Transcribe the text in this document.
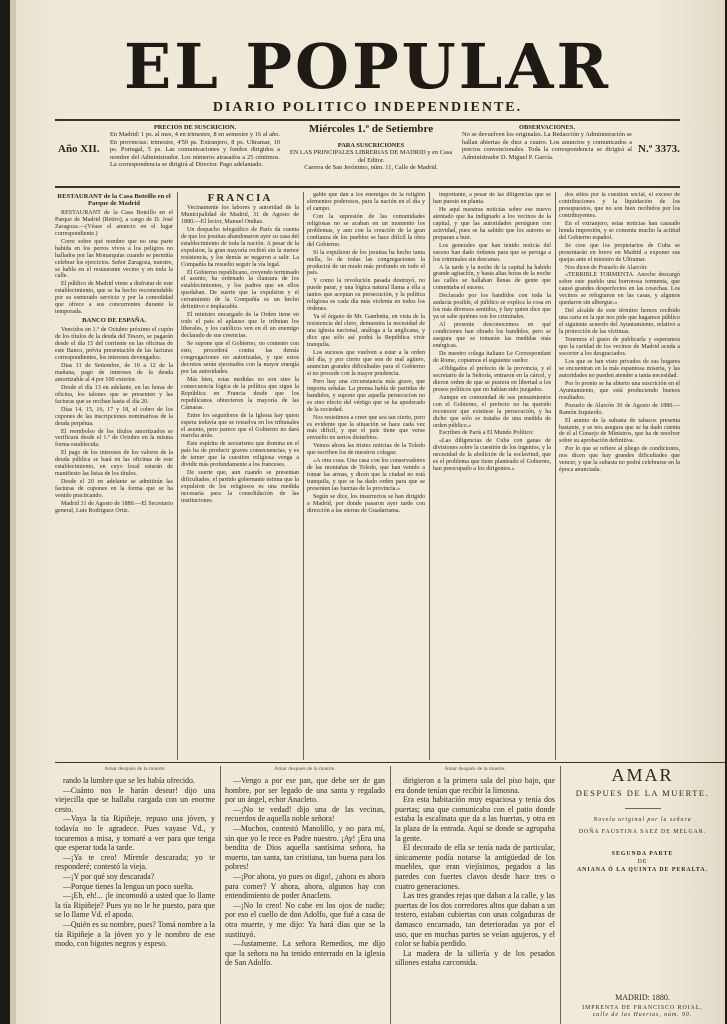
EL POPULAR
DIARIO POLITICO INDEPENDIENTE.
Año XII.
PRECIOS DE SUSCRICION.
En Madrid: 1 ps. al mes, 4 en trimestre, 8 en semestre y 16 al año. En provincias: trimestre, 4'50 ps. Extranjero, 8 ps. Ultramar, 10 ps. Portugal, 5 ps. Las comunicaciones y fondos dirigidos a nombre del Administrador. Los números atrasados a 25 céntimos. La correspondencia se dirigirá al Director. Pago adelantado.
Miércoles 1.º de Setiembre
PARA SUSCRICIONES
EN LAS PRINCIPALES LIBRERIAS DE MADRID y en Casa del Editor.
Carrera de San Jerónimo, núm. 11, Calle de Madrid.
OBSERVACIONES.
No se devuelven los originales. La Redacción y Administración se hallan abiertas de diez a cuatro. Los anuncios y comunicados a precios convencionales. Toda la correspondencia se dirigirá al Administrador D. Miguel P. García.
N.º 3373.

RESTAURANT de la Casa Boteillo en el Parque de Madrid

RESTAURANT de la Casa Boteillo en el Parque de Madrid (Retiro), a cargo de D. José Zaragoza.—(Véase el anuncio en el lugar correspondiente.)

Corre sobre qué nombre que no una parte habida en los perros vivos a los peligros no hallados por las Monarquías cuando se permitía celebrar los ejercicios. Señor Zaragoza, nuestro, se habla en el restaurante vecino y en toda la calle.

El público de Madrid viene a disfrutar de este establecimiento, que se ha hecho recomendable por su esmerado servicio y por la comodidad que ofrece a sus concurrentes durante la temporada.

BANCO DE ESPAÑA.

Vencidos en 1.º de Octubre próximo el cupón de los títulos de la deuda del Tesoro, se pagarán desde el día 15 del corriente en las oficinas de este Banco, prévia presentación de las facturas correspondientes, los intereses devengados.

Dias 11 de Setiembre, de 10 a 12 de la mañana, pago de intereses de la deuda amortizable al 4 por 100 exterior.

Desde el día 13 en adelante, en las horas de oficina, los talones que se presenten y las facturas que se reciban hasta el día 20.

Días 14, 15, 16, 17 y 18, el cobro de los cupones de las inscripciones nominativas de la deuda perpétua.

El reembolso de los títulos amortizados se verificará desde el 1.º de Octubre en la misma forma establecida.

El pago de los intereses de los valores de la deuda pública se hará en las oficinas de este establecimiento, en cuyo local estarán de manifiesto las listas de los títulos.

Desde el 20 en adelante se admitirán las facturas de cupones en la forma que se ha venido practicando.

Madrid 31 de Agosto de 1880.—El Secretario general, Luis Rodriguez Ortiz.

FRANCIA

Vecinamente los labores y autoridad de la Municipalidad de Madrid, 31 de Agosto de 1880.—El lector, Manuel Ondiaz.

Un despacho telegráfico de París da cuenta de que los jesuitas abandonaron ayer su casa del establecimiento de toda la nación. A pesar de la expulsion, la gran mayoría recibió sin la menor resistencia, y los demás se negaron a salir. La Compañía ha resuelto seguir la vía legal.

El Gobierno republicano, creyendo terminado el asunto, ha ordenado la clausura de los establecimientos, y los padres que en ellos quedaban. De suerte que la expulsion y el cerramiento de la Compañía es un hecho definitivo e implacable.

El ministro encargado de la Orden tiene en todo el país el aplauso que le tributan los liberales, y los católicos ven en él un enemigo declarado de sus creencias.

Se supone que el Gobierno, no contento con esto, procederá contra las demás congregaciones no autorizadas, y que estos decretos serán ejecutados con la mayor energía por las autoridades.

Más bien, estas medidas no son sino la consecuencia lógica de la política que sigue la República en Francia desde que los republicanos obtuvieron la mayoría de las Cámaras.

Entre los seguidores de la Iglesia hay quien espera todavía que se resuelva en los tribunales el asunto, pero parece que el Gobierno no dará marcha atrás.

Este espíritu de sectarismo que domina en el país ha de producir graves consecuencias, y es de temer que la cuestion religiosa venga a dividir más profundamente a los franceses.

De suerte que, aun cuando se presentan dificultades, el partido gobernante estima que la expulsion de los religiosos es una medida necesaria para la consolidación de las instituciones.

gable que dan a los enemigos de la religión elementos poderosos, para la nación en el día y el campo.

Con la supresión de las comunidades religiosas no se acaban en un momento los problemas, y aun con la creación de la gran confianza de los pueblos se hace difícil la obra del Gobierno.

Sí la expulsion de los jesuitas ha hecho tanta mella, lo de todas las congregaciones la producirá de un modo más profundo en todo el país.

Y como la revolución pasada destruyó, no puede parar, y una lógica natural llama a ella a tantos que aceptan su persecución, y la política religiosa es cada día más violenta en todos los órdenes.

Ya el órgano de Mr. Gambetta, en vista de la resistencia del clero, demuestra la necesidad de una iglesia nacional, análoga a la anglicana, y dice que sólo así podrá la República vivir tranquila.

Los sucesos que vuelven a estar a la orden del día, y por cierto que son de mal agüero, anuncian grandes dificultades para el Gobierno si no procede con la mayor prudencia.

Pero hay una circunstancia más grave, que importa señalar. La prensa habla de partidas de bandidos, y supone que aquella persecucion no es sino efecto del vértigo que se ha apoderado de la sociedad.

Nos resistimos a creer que sea tan cierto, pero es evidente que la situación se hace cada vez más difícil, y que el país tiene que verse envuelto en serios disturbios.

Vemos ahora las tristes noticias de la Toledo que escriben los de nuestros colegas:

«A otra cosa. Una casa con los conservadores de las montañas de Toledo, que han venido a tomar las armas, y dicen que la ciudad no está tranquila, y que se ha dado orden para que se presenten las fuerzas de la provincia.»

Según se dice, los insurrectos se han dirigido a Madrid, por donde pasaron ayer tarde con dirección a las sierras de Guadarrama.

importante, a pesar de las diligencias que se han puesto en planta.

He aquí nuestras noticias sobre ese nuevo atentado que ha indignado a los vecinos de la capital, y que las autoridades persiguen con actividad, pues se ha sabido que los autores se preparan a huir.

Los generales que han tenido noticia del suceso han dado órdenes para que se persiga a los criminales sin descanso.

A la tarde y la noche de la capital ha habido grande agitación, y hasta altas horas de la noche las calles se hallaban llenas de gente que comentaba el suceso.

Declarado por los bandidos con toda la audacia posible, el público se explica la cosa en los más diversos sentidos, y hay quien dice que ya se sabe quiénes son los criminales.

Al presente desconocemos en qué condiciones han obrado los bandidos, pero se asegura que se tomarán las medidas más enérgicas.

De nuestro colega italiano Le Correspondant de Rome, copiamos el siguiente suelto:

«Obligados el prefecto de la provincia, y el secretario de la Señoría, entraron en la cárcel, y dieron orden de que se pusiera en libertad a los presos políticos que no habían sido juzgados.

Aunque en comunidad de sus pensamientos con el Gobierno, el prefecto no ha querido reconocer que existiese la persecución, y ha dicho que sólo se trataba de una medida de orden público.»

Escriben de París a El Mundo Político:

«Las diligencias de Cuba con ganas de divisiones sobre la cuestión de los ingenios, y la necesidad de la abolición de la esclavitud, que es el problema que tiene planteado el Gobierno, han preocupado a los dirigentes.»

dos sitios por la cuestion social, el exceso de contribuciones y la liquidación de los presupuestos, que no son bien recibidos por los contribuyentes.

En el extranjero, estas noticias han causado honda impresión, y se comenta mucho la actitud del Gobierno español.

Se cree que los propietarios de Cuba se presentarán en breve en Madrid a exponer sus quejas ante el ministro de Ultramar.

Nos dicen de Pozuelo de Alarcón:

«TERRIBLE TORMENTA. Anoche descargó sobre este pueblo una horrorosa tormenta, que causó grandes desperfectos en las cosechas. Los vecinos se refugiaron en las casas, y algunos quedaron sin albergue.»

Del alcalde de este término hemos recibido una carta en la que nos pide que hagamos público el siguiente acuerdo del Ayuntamiento, relativo a la protección de las víctimas.

Tenemos el gusto de publicarla y esperamos que la caridad de los vecinos de Madrid acuda a socorrer a los desgraciados.

Los que se han visto privados de sus hogares se encuentran en la más espantosa miseria, y las autoridades no pueden atender a tanta necesidad.

Por lo pronto se ha abierto una suscrición en el Ayuntamiento, que está produciendo buenos resultados.

Pozuelo de Alarcón 30 de Agosto de 1880.—Ramón Izquierdo.

El asunto de la subasta de tabacos presenta bastante, y se nos asegura que se ha dado cuenta de él al Consejo de Ministros, que ha de resolver sobre su aprobación definitiva.

Por lo que se refiere al pliego de condiciones, nos dicen que hay grandes dificultades que vencer, y que la subasta no podrá celebrarse en la época anunciada.

Amar después de la muerte.	Amar después de la muerte.	Amar después de la muerte.

rando la lumbre que se les había ofrecido.

—Cuánto nos le harán desear! dijo una viejecilla que se hallaba cargada con un enorme cesto.

—Vaya la tía Ripiñeje, repuso una jóven, y todavía no le agradece. Pues vayase Vd., y tocaremos a misa, y tornaré a ver para que tenga que esperar toda la tarde.

—¡Ya te creo! Mírenle descarada; yo te responderé; contestó la vieja.

—¡Y por qué soy descarada?

—Porque tienes la lengua un poco suelta.

—¡Eh, eh!... ¡le incomodó a usted que lo llame la tía Ripiñeje? Pues yo no le he puesto, para que se lo llame Vd. el apodo.

—Quién es su nombre, pues? Tomá nombre a la tía Ripiñeje a la jóven yo y le nombro de ese modo, con bigotes negros y espeso.

—Vengo a por ese pan, que debe ser de gan hombre, por ser legado de una santa y regalado por un ángel, echor Anacleto.

—¡No te vedad! dijo una de las vecinas, recuerdos de aquella noble señora!

—Muchos, contestó Manolillo, y no para mí, sin que yo le rece es Padre nuestro. ¡Ay! ¡Era una bendita de Dios aquella santísima señora, ha muerto, tan santa, tan cristiana, tan buena para los pobres!

—¡Por ahora, yo pues os digo!, ¿ahora es ahora para comer? Y ahora, ahora, algunos hay con entendimiento de poder Anacleto.

—¡No lo creo! No cabe en los ojos de nadie; por eso el cuello de don Adolfo, que fué a casa de otra muerte, y me dijo: Ya hará días que se la sustituyó.

—Justamente. La señora Remedios, me dijo que la señora no ha tenido enterrado en la iglesia de San Adolfo.

dirigieron a la primera sala del piso bajo, que era donde tenían que recibir la limosna.

Era esta habitación muy espaciosa y tenía dos puertas; una que comunicaba con el patio donde estaba la escalinata que da a las huertas, y otra en la plaza de la entrada. Aquí se donde se agrupaba la gente.

El decorado de ella se tenía nada de particular, únicamente podía notarse la antigüedad de los muebles, que eran viejísimos, pegados a las paredes con fuertes clavos desde hace tres o cuatro generaciones.

Las tres grandes rejas que daban a la calle, y las puertas de los dos corredores altos que daban a un testero, estaban cubiertas con unas colgaduras de damasco encarnado, tan deterioradas ya por el uso, que en muchas partes se veían agujeros, y el color se había perdido.

La madera de la sillería y de los pesados sillones estaba carcomida.

AMAR
DESPUES DE LA MUERTE.
Novela original por la señora
DOÑA FAUSTINA SAEZ DE MELGAR.
SEGUNDA PARTE
DE
ANIANA Ó LA QUINTA DE PERALTA.
MADRID: 1880.
IMPRENTA DE FRANCISCO ROIAL,
calle de las Huertas, núm. 90.
